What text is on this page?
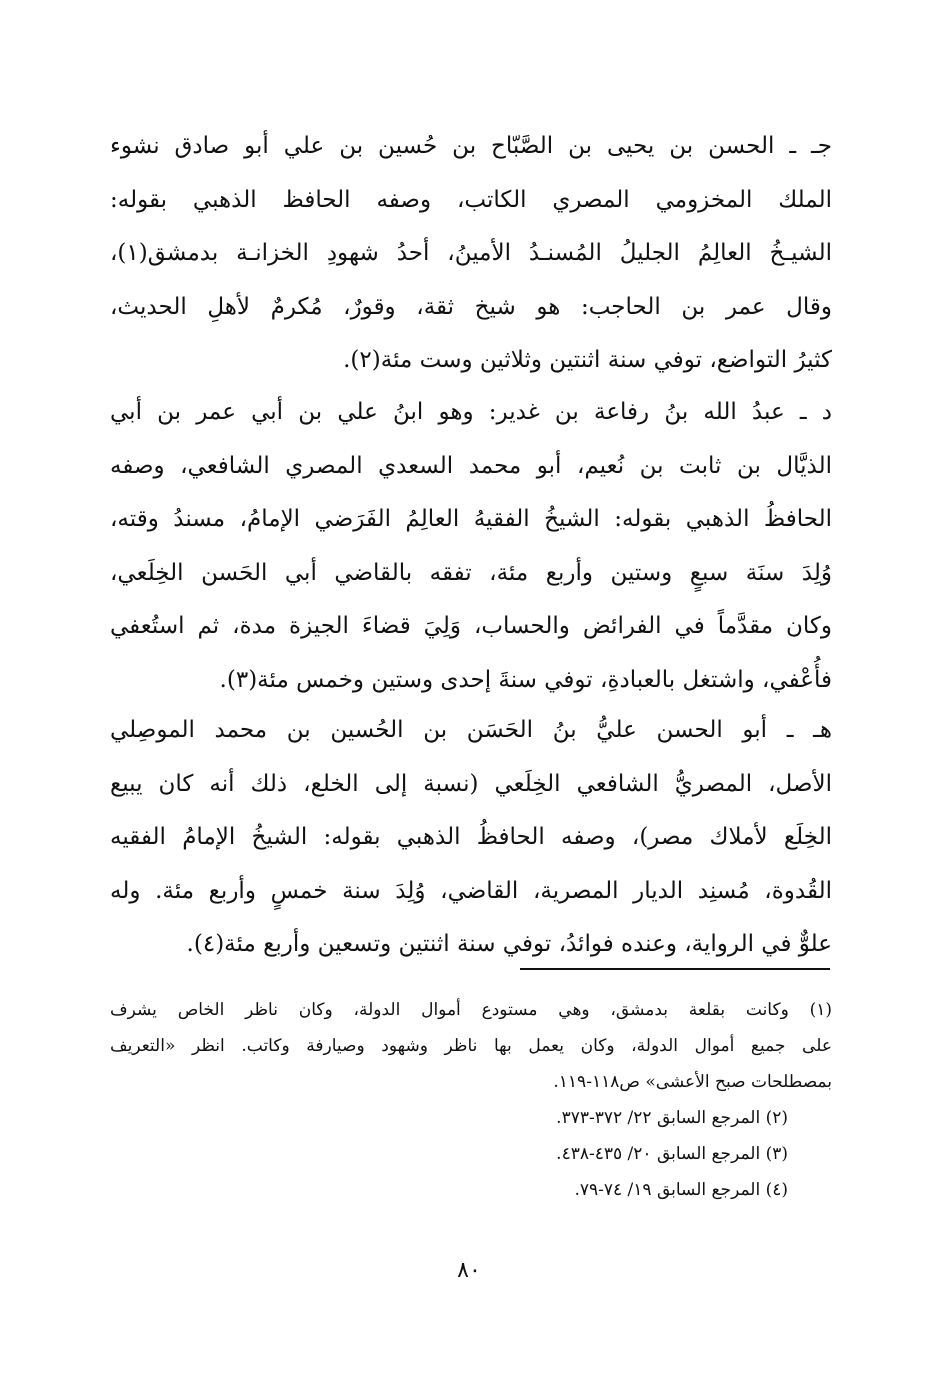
جـ ـ الحسن بن يحيى بن الصَّبّاح بن حُسين بن علي أبو صادق نشوء
الملك المخزومي المصري الكاتب، وصفه الحافظ الذهبي بقوله:
الشيـخُ العالِمُ الجليلُ المُسنـدُ الأمينُ، أحدُ شهودِ الخزانـة بدمشق(١)،
وقال عمر بن الحاجب: هو شيخ ثقة، وقورٌ، مُكرمٌ لأهلِ الحديث،
كثيرُ التواضع، توفي سنة اثنتين وثلاثين وست مئة(٢).
د ـ عبدُ الله بنُ رفاعة بن غدير: وهو ابنُ علي بن أبي عمر بن أبي
الذيَّال بن ثابت بن نُعيم، أبو محمد السعدي المصري الشافعي، وصفه
الحافظُ الذهبي بقوله: الشيخُ الفقيهُ العالِمُ الفَرَضي الإمامُ، مسندُ وقته،
وُلِدَ سنَة سبعٍ وستين وأربع مئة، تفقه بالقاضي أبي الحَسن الخِلَعي،
وكان مقدَّماً في الفرائض والحساب، وَلِيَ قضاءَ الجيزة مدة، ثم استُعفي
فأُعْفي، واشتغل بالعبادةِ، توفي سنةَ إحدى وستين وخمس مئة(٣).
هـ ـ أبو الحسن عليُّ بنُ الحَسَن بن الحُسين بن محمد الموصِلي
الأصل، المصريُّ الشافعي الخِلَعي (نسبة إلى الخلع، ذلك أنه كان يبيع
الخِلَع لأملاك مصر)، وصفه الحافظُ الذهبي بقوله: الشيخُ الإمامُ الفقيه
القُدوة، مُسنِد الديار المصرية، القاضي، وُلِدَ سنة خمسٍ وأربع مئة. وله
علوٌّ في الرواية، وعنده فوائدُ، توفي سنة اثنتين وتسعين وأربع مئة(٤).
(١) وكانت بقلعة بدمشق، وهي مستودع أموال الدولة، وكان ناظر الخاص يشرف
على جميع أموال الدولة، وكان يعمل بها ناظر وشهود وصيارفة وكاتب. انظر «التعريف
بمصطلحات صبح الأعشى» ص١١٨-١١٩.
(٢) المرجع السابق ٢٢/ ٣٧٢-٣٧٣.
(٣) المرجع السابق ٢٠/ ٤٣٥-٤٣٨.
(٤) المرجع السابق ١٩/ ٧٤-٧٩.
٨٠
